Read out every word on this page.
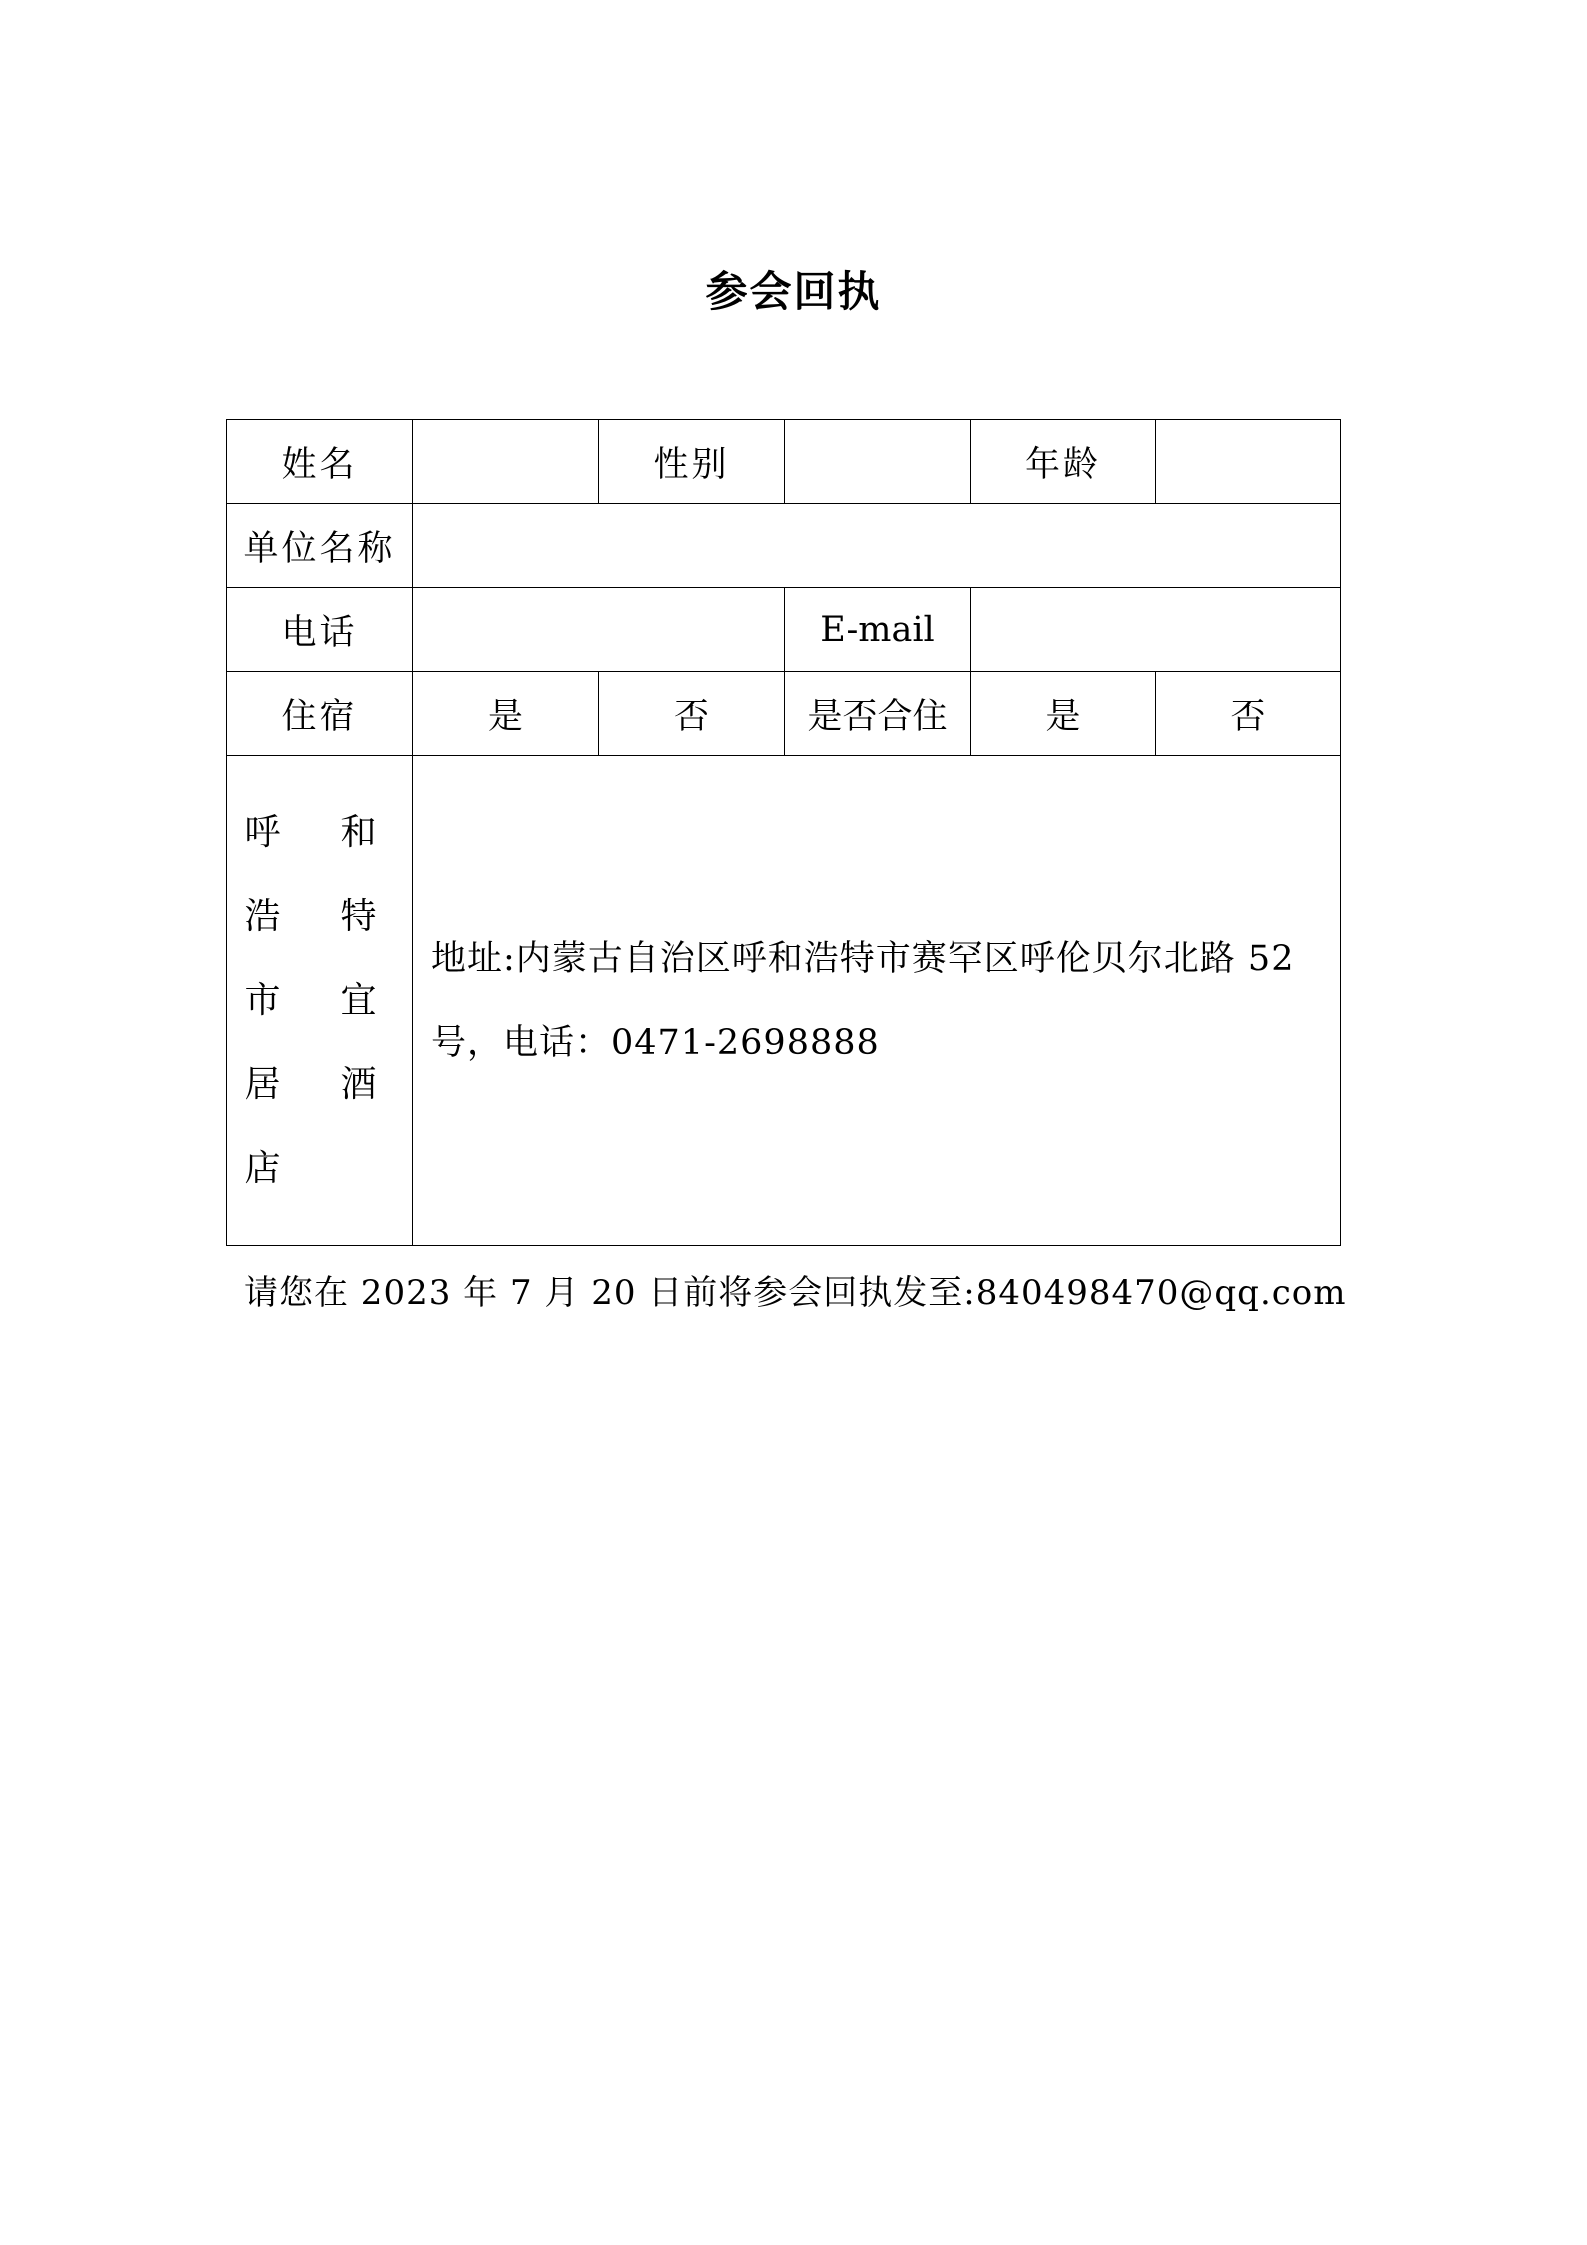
参会回执
姓名		性别		年龄	
单位名称					
电话			E-mail		
住宿	是	否	是否合住	是	否

呼和浩特市宜居酒店	地址:内蒙古自治区呼和浩特市赛罕区呼伦贝尔北路 52 号，电话：0471-2698888				
请您在 2023 年 7 月 20 日前将参会回执发至:840498470@qq.com
